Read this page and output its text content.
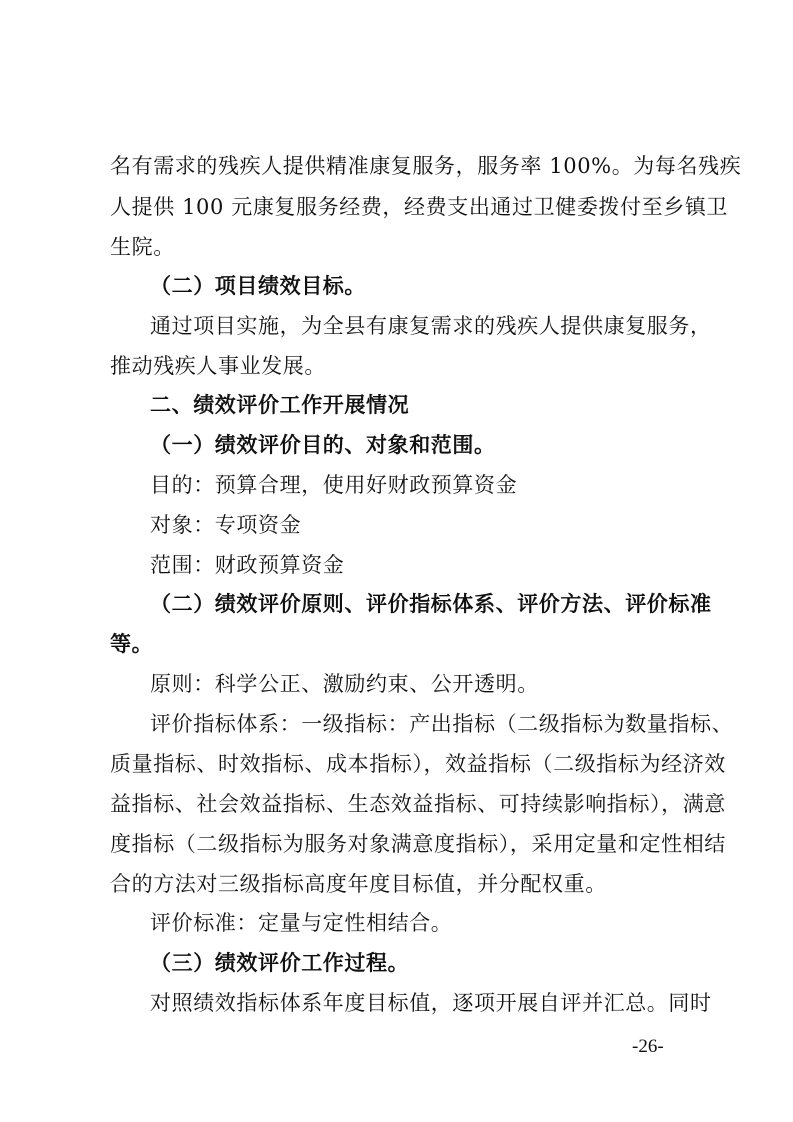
名有需求的残疾人提供精准康复服务，服务率 100%。为每名残疾
人提供 100 元康复服务经费，经费支出通过卫健委拨付至乡镇卫
生院。
（二）项目绩效目标。
通过项目实施，为全县有康复需求的残疾人提供康复服务，
推动残疾人事业发展。
二、绩效评价工作开展情况
（一）绩效评价目的、对象和范围。
目的：预算合理，使用好财政预算资金
对象：专项资金
范围：财政预算资金
（二）绩效评价原则、评价指标体系、评价方法、评价标准
等。
原则：科学公正、激励约束、公开透明。
评价指标体系：一级指标：产出指标（二级指标为数量指标、
质量指标、时效指标、成本指标），效益指标（二级指标为经济效
益指标、社会效益指标、生态效益指标、可持续影响指标），满意
度指标（二级指标为服务对象满意度指标），采用定量和定性相结
合的方法对三级指标高度年度目标值，并分配权重。
评价标准：定量与定性相结合。
（三）绩效评价工作过程。
对照绩效指标体系年度目标值，逐项开展自评并汇总。同时
-26-
